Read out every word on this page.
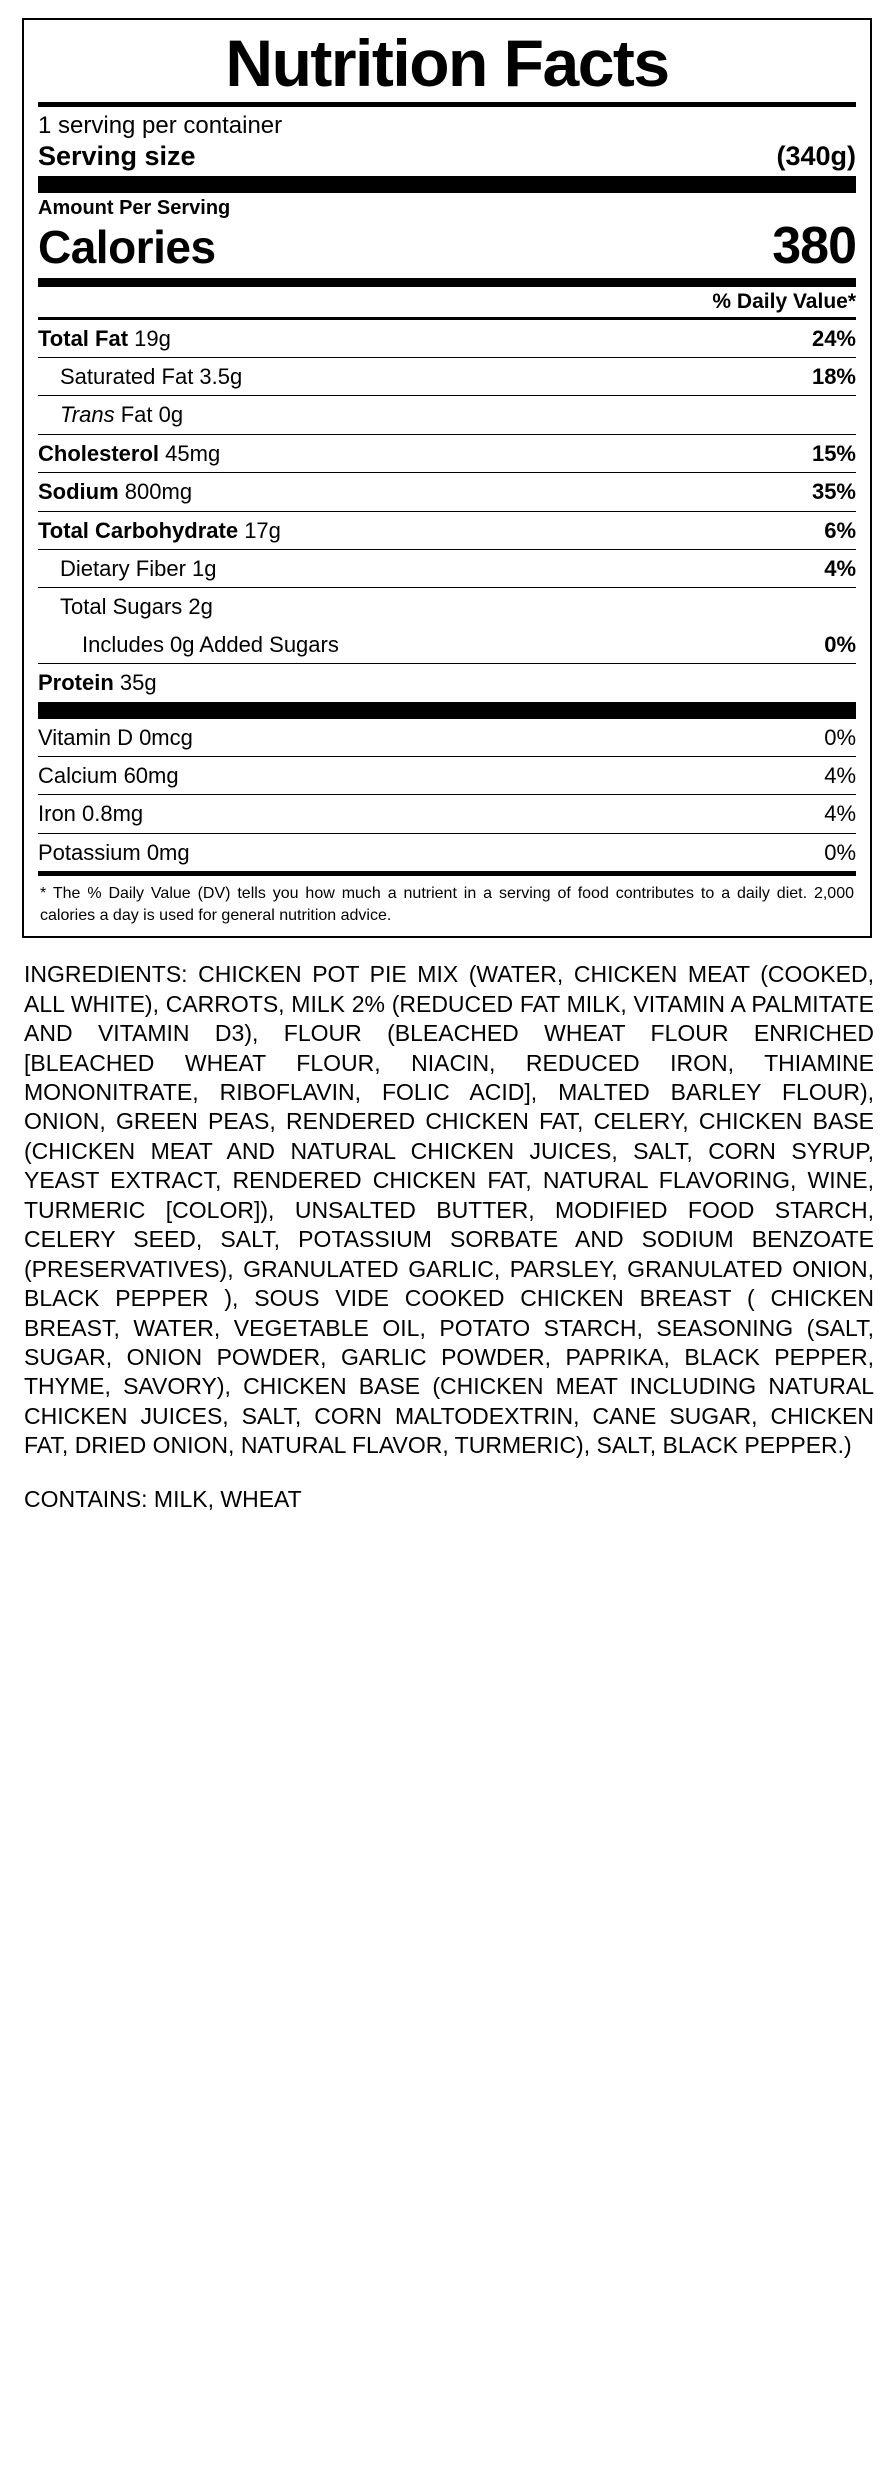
Nutrition Facts
1 serving per container
Serving size	(340g)
Amount Per Serving
Calories	380
% Daily Value*
Total Fat 19g	24%
Saturated Fat 3.5g	18%
Trans Fat 0g
Cholesterol 45mg	15%
Sodium 800mg	35%
Total Carbohydrate 17g	6%
Dietary Fiber 1g	4%
Total Sugars 2g
Includes 0g Added Sugars	0%
Protein 35g
Vitamin D 0mcg	0%
Calcium 60mg	4%
Iron 0.8mg	4%
Potassium 0mg	0%
* The % Daily Value (DV) tells you how much a nutrient in a serving of food contributes to a daily diet. 2,000 calories a day is used for general nutrition advice.
INGREDIENTS: CHICKEN POT PIE MIX (WATER, CHICKEN MEAT (COOKED, ALL WHITE), CARROTS, MILK 2% (REDUCED FAT MILK, VITAMIN A PALMITATE AND VITAMIN D3), FLOUR (BLEACHED WHEAT FLOUR ENRICHED [BLEACHED WHEAT FLOUR, NIACIN, REDUCED IRON, THIAMINE MONONITRATE, RIBOFLAVIN, FOLIC ACID], MALTED BARLEY FLOUR), ONION, GREEN PEAS, RENDERED CHICKEN FAT, CELERY, CHICKEN BASE (CHICKEN MEAT AND NATURAL CHICKEN JUICES, SALT, CORN SYRUP, YEAST EXTRACT, RENDERED CHICKEN FAT, NATURAL FLAVORING, WINE, TURMERIC [COLOR]), UNSALTED BUTTER, MODIFIED FOOD STARCH, CELERY SEED, SALT, POTASSIUM SORBATE AND SODIUM BENZOATE (PRESERVATIVES), GRANULATED GARLIC, PARSLEY, GRANULATED ONION, BLACK PEPPER ), SOUS VIDE COOKED CHICKEN BREAST ( CHICKEN BREAST, WATER, VEGETABLE OIL, POTATO STARCH, SEASONING (SALT, SUGAR, ONION POWDER, GARLIC POWDER, PAPRIKA, BLACK PEPPER, THYME, SAVORY), CHICKEN BASE (CHICKEN MEAT INCLUDING NATURAL CHICKEN JUICES, SALT, CORN MALTODEXTRIN, CANE SUGAR, CHICKEN FAT, DRIED ONION, NATURAL FLAVOR, TURMERIC), SALT, BLACK PEPPER.)
CONTAINS: MILK, WHEAT
